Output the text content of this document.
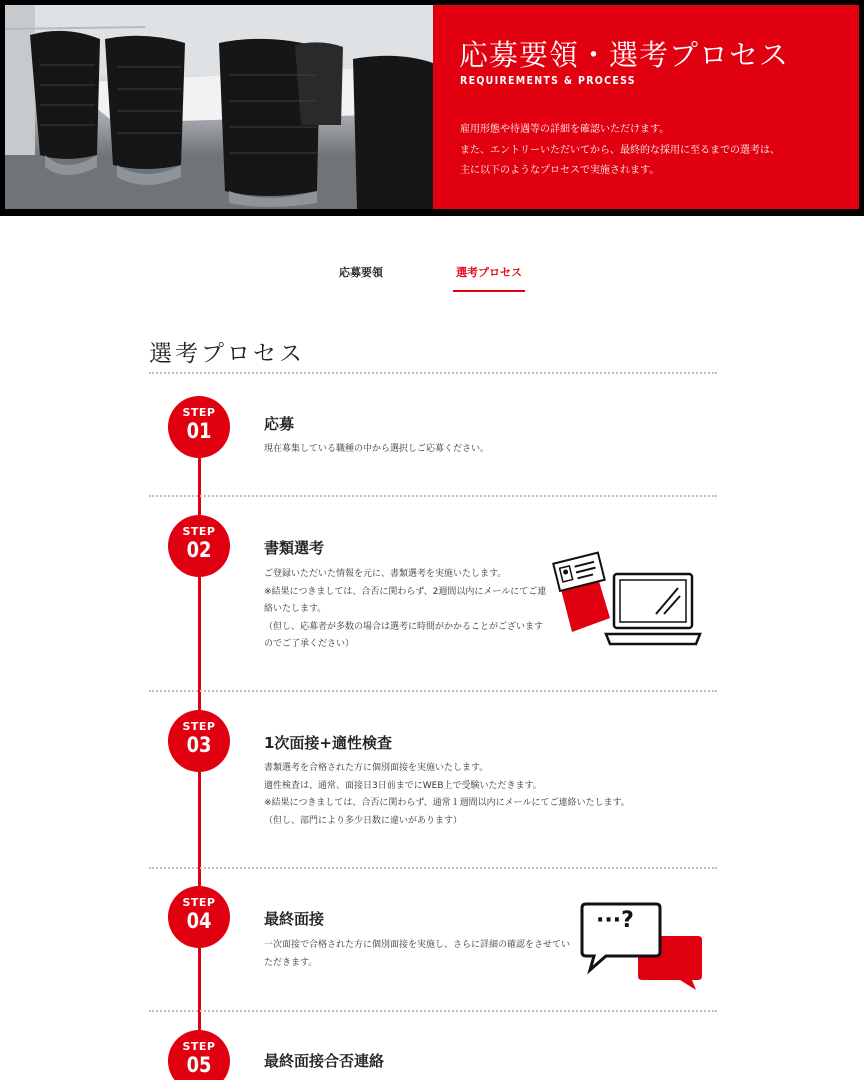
応募要領・選考プロセス
REQUIREMENTS & PROCESS
雇用形態や待遇等の詳細を確認いただけます。
また、エントリーいただいてから、最終的な採用に至るまでの選考は、
主に以下のようなプロセスで実施されます。
応募要領	選考プロセス
選考プロセス
STEP
01	応募
現在募集している職種の中から選択しご応募ください。
STEP
02	書類選考
ご登録いただいた情報を元に、書類選考を実施いたします。
※結果につきましては、合否に関わらず、2週間以内にメールにてご連
絡いたします。
（但し、応募者が多数の場合は選考に時間がかかることがございます
のでご了承ください）
STEP
03	1次面接+適性検査
書類選考を合格された方に個別面接を実施いたします。
適性検査は、通常、面接日3日前までにWEB上で受験いただきます。
※結果につきましては、合否に関わらず、通常１週間以内にメールにてご連絡いたします。
（但し、部門により多少日数に違いがあります）
STEP
04	最終面接
一次面接で合格された方に個別面接を実施し、さらに詳細の確認をさせてい
ただきます。
···?
STEP
05	最終面接合否連絡
